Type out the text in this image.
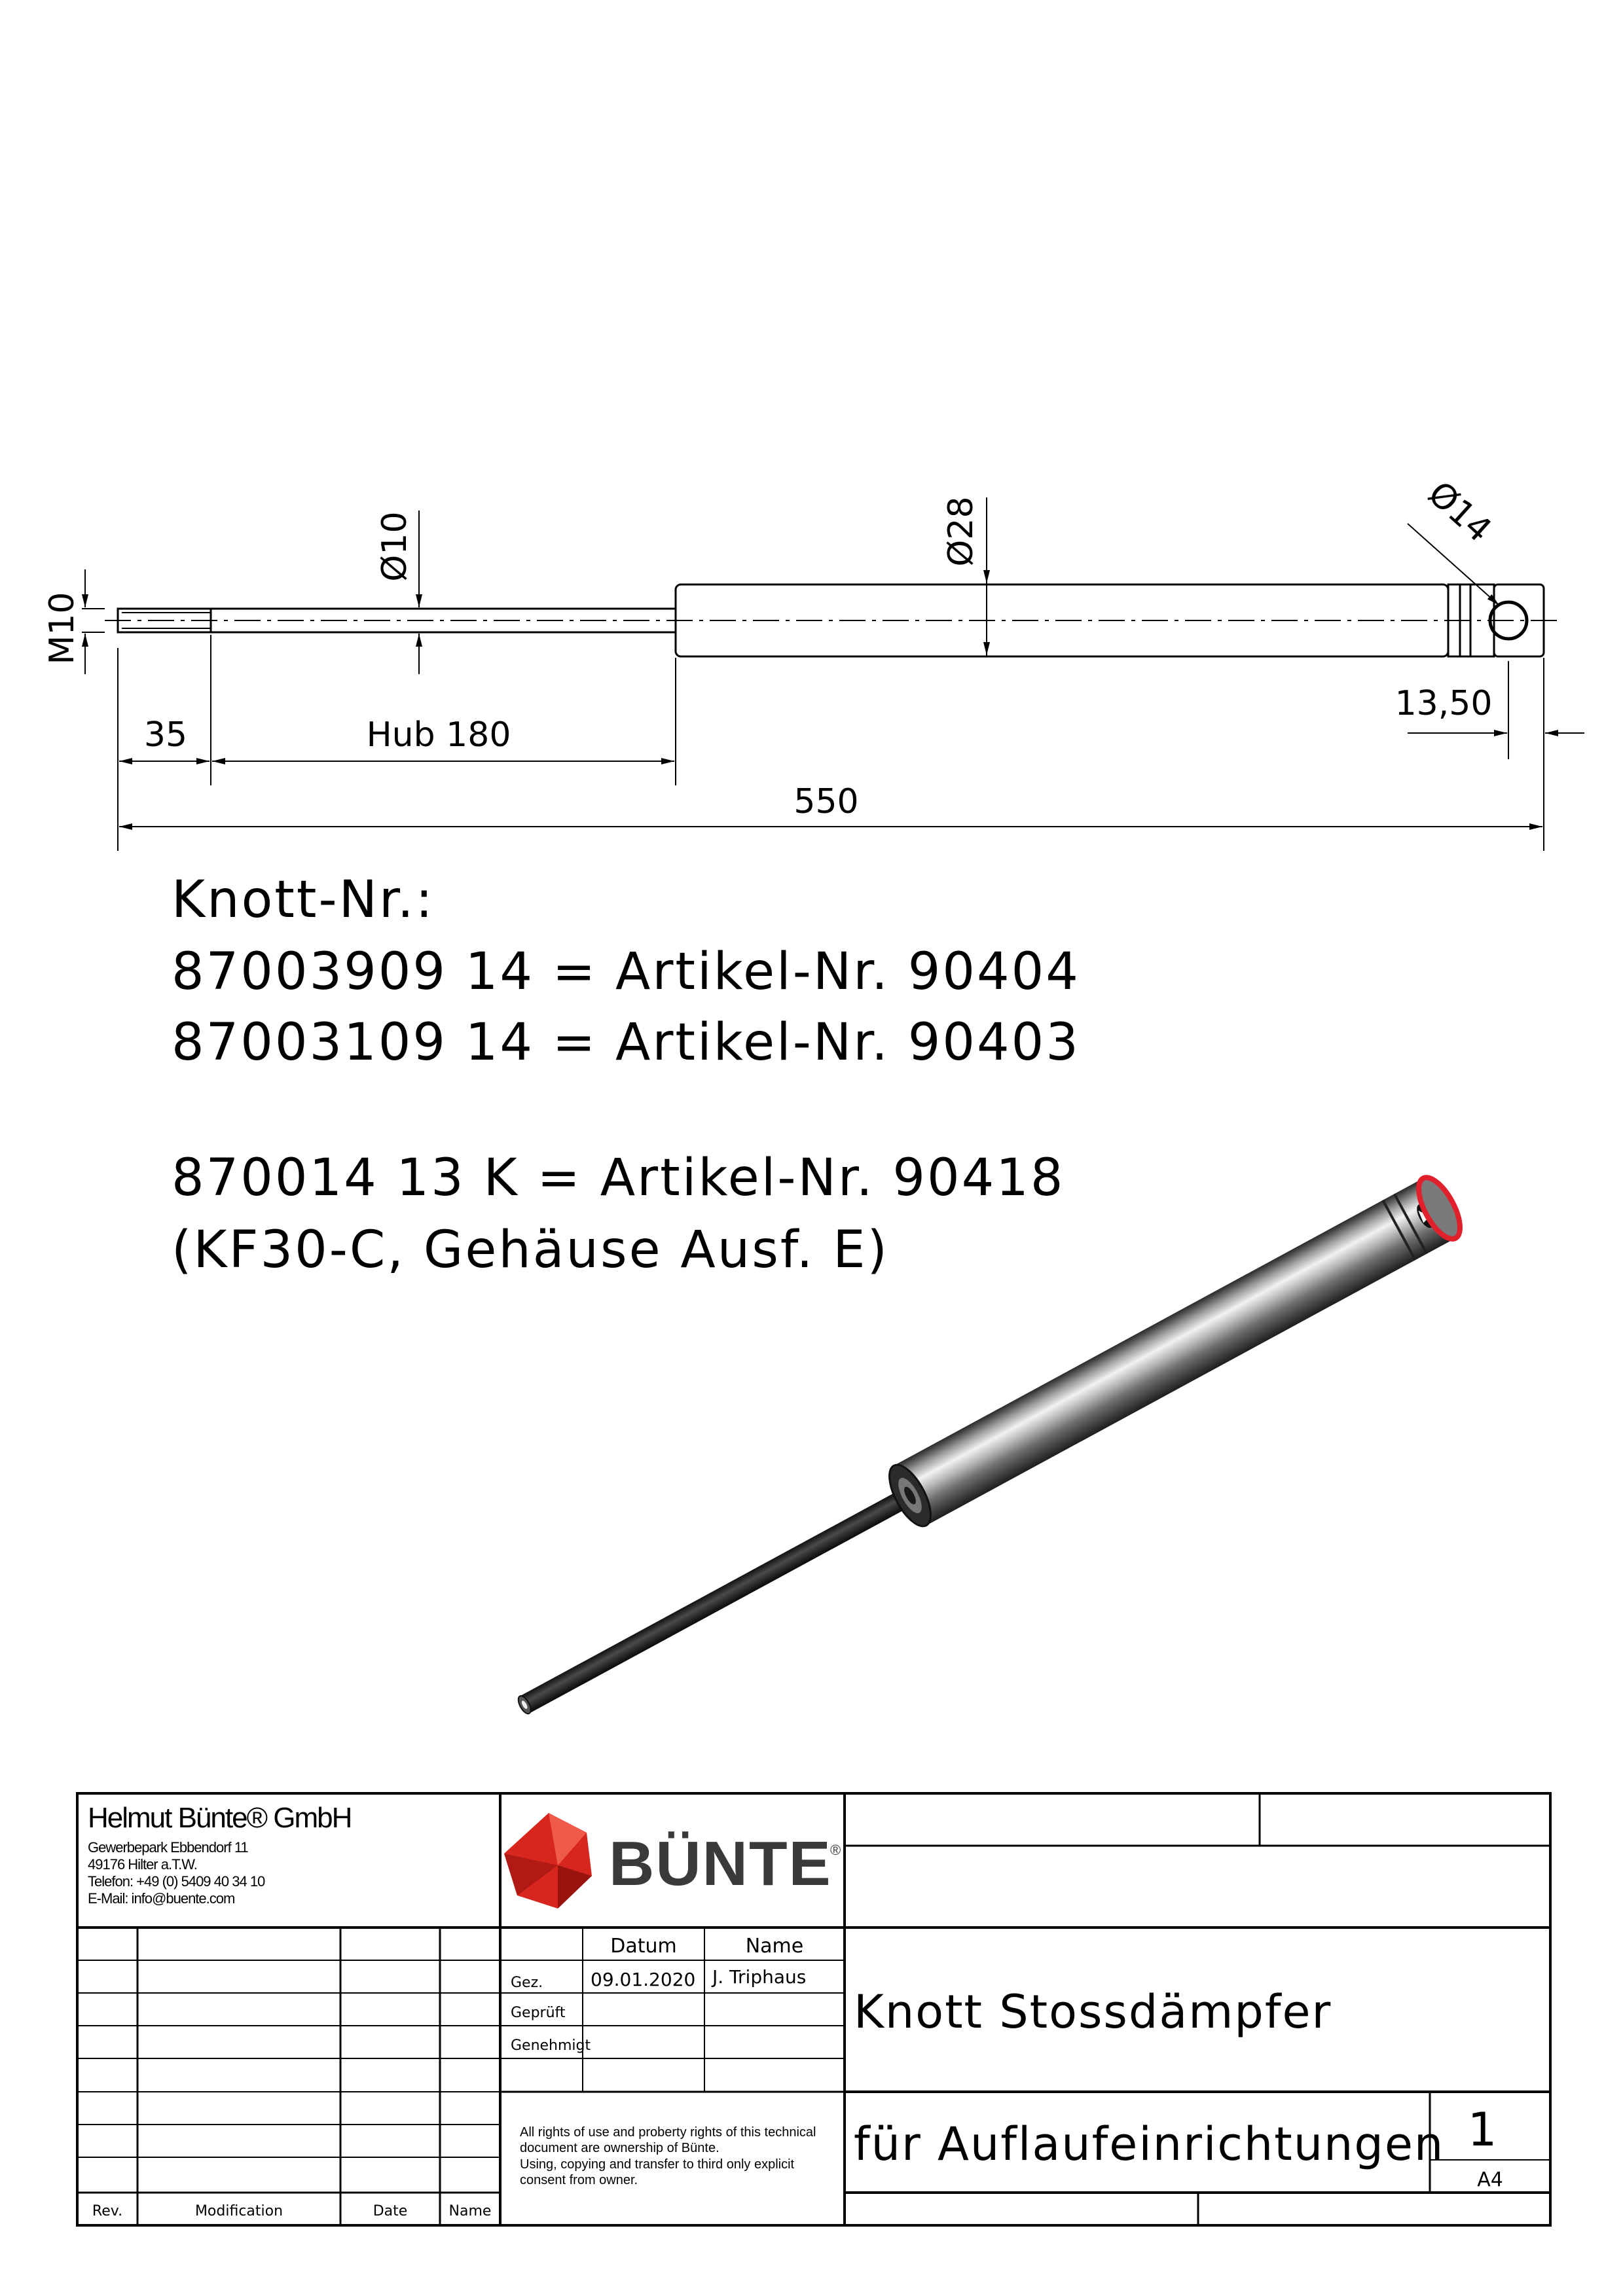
M10
Ø10	Ø28	Ø14
35	Hub 180
550
13,50
Helmut Bünte® GmbH
Gewerbepark Ebbendorf 11
49176 Hilter a.T.W.
Telefon: +49 (0) 5409 40 34 10
E-Mail: info@buente.com	BÜNTE
®
Datum	Name
Gez.	09.01.2020 J. Triphaus
Geprüft
Genehmigt
All rights of use and proberty rights of this technical
document are ownership of Bünte.
Using, copying and transfer to third only explicit
consent from owner.
Knott Stossdämpfer
für Auflaufeinrichtungen 1
A4
Rev.	Modification	Date	Name
Knott-Nr.:
87003909 14 = Artikel-Nr. 90404
87003109 14 = Artikel-Nr. 90403
870014 13 K = Artikel-Nr. 90418
(KF30-C, Gehäuse Ausf. E)
